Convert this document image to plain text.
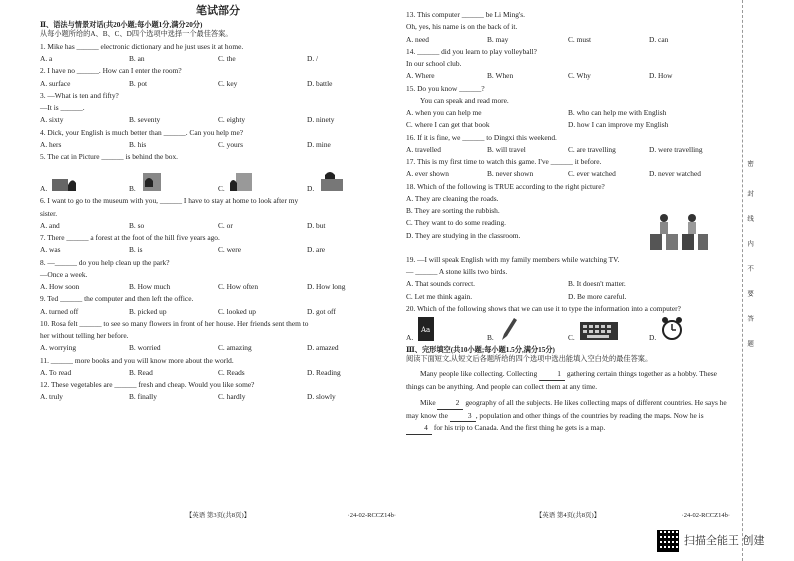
笔试部分
Ⅱ、语法与情景对话(共20小题;每小题1分,满分20分)
从每小题所给的A、B、C、D四个选项中选择一个最佳答案。
1. Mike has ______ electronic dictionary and he just uses it at home.
A. a	B. an	C. the	D. /
2. I have no ______. How can I enter the room?
A. surface	B. pot	C. key	D. battle
3. —What is ten and fifty?
—It is ______.
A. sixty	B. seventy	C. eighty	D. ninety
4. Dick, your English is much better than ______. Can you help me?
A. hers	B. his	C. yours	D. mine
5. The cat in Picture ______ is behind the box.
A.	B.	C.	D.
6. I want to go to the museum with you, ______ I have to stay at home to look after my
sister.
A. and	B. so	C. or	D. but
7. There ______ a forest at the foot of the hill five years ago.
A. was	B. is	C. were	D. are
8. —______ do you help clean up the park?
—Once a week.
A. How soon	B. How much	C. How often	D. How long
9. Ted ______ the computer and then left the office.
A. turned off	B. picked up	C. looked up	D. got off
10. Rosa felt ______ to see so many flowers in front of her house. Her friends sent them to
her without telling her before.
A. worrying	B. worried	C. amazing	D. amazed
11. ______ more books and you will know more about the world.
A. To read	B. Read	C. Reads	D. Reading
12. These vegetables are ______ fresh and cheap. Would you like some?
A. truly	B. finally	C. hardly	D. slowly
【英语 第3页(共8页)】	·24-02-RCCZ14b·
13. This computer ______ be Li Ming's.
Oh, yes, his name is on the back of it.
A. need	B. may	C. must	D. can
14. ______ did you learn to play volleyball?
In our school club.
A. Where	B. When	C. Why	D. How
15. Do you know ______?
You can speak and read more.
A. when you can help me	B. who can help me with English
C. where I can get that book	D. how I can improve my English
16. If it is fine, we ______ to Dingxi this weekend.
A. travelled	B. will travel	C. are travelling	D. were travelling
17. This is my first time to watch this game. I've ______ it before.
A. ever shown	B. never shown	C. ever watched	D. never watched
18. Which of the following is TRUE according to the right picture?
A. They are cleaning the roads.
B. They are sorting the rubbish.
C. They want to do some reading.
D. They are studying in the classroom.
19. —I will speak English with my family members while watching TV.
— ______ A stone kills two birds.
A. That sounds correct.	B. It doesn't matter.
C. Let me think again.	D. Be more careful.
20. Which of the following shows that we can use it to type the information into a computer?
A.
Aa
B.	C.	D.
Ⅲ、完形填空(共10小题;每小题1.5分,满分15分)
阅读下面短文,从短文后各题所给的四个选项中选出能填入空白处的最佳答案。

Many people like collecting. Collecting	1 gathering certain things together as a hobby. These things can be anything. And people can collect them at any time.

Mike	2 geography of all the subjects. He likes collecting maps of different countries. He says he may know the	3 , population and other things of the countries by reading the maps. Now he is 4 for his trip to Canada. And the first thing he gets is a map.

【英语 第4页(共8页)】	·24-02-RCCZ14b·
密
封
线
内
不
要
答
题
扫描全能王 创建
